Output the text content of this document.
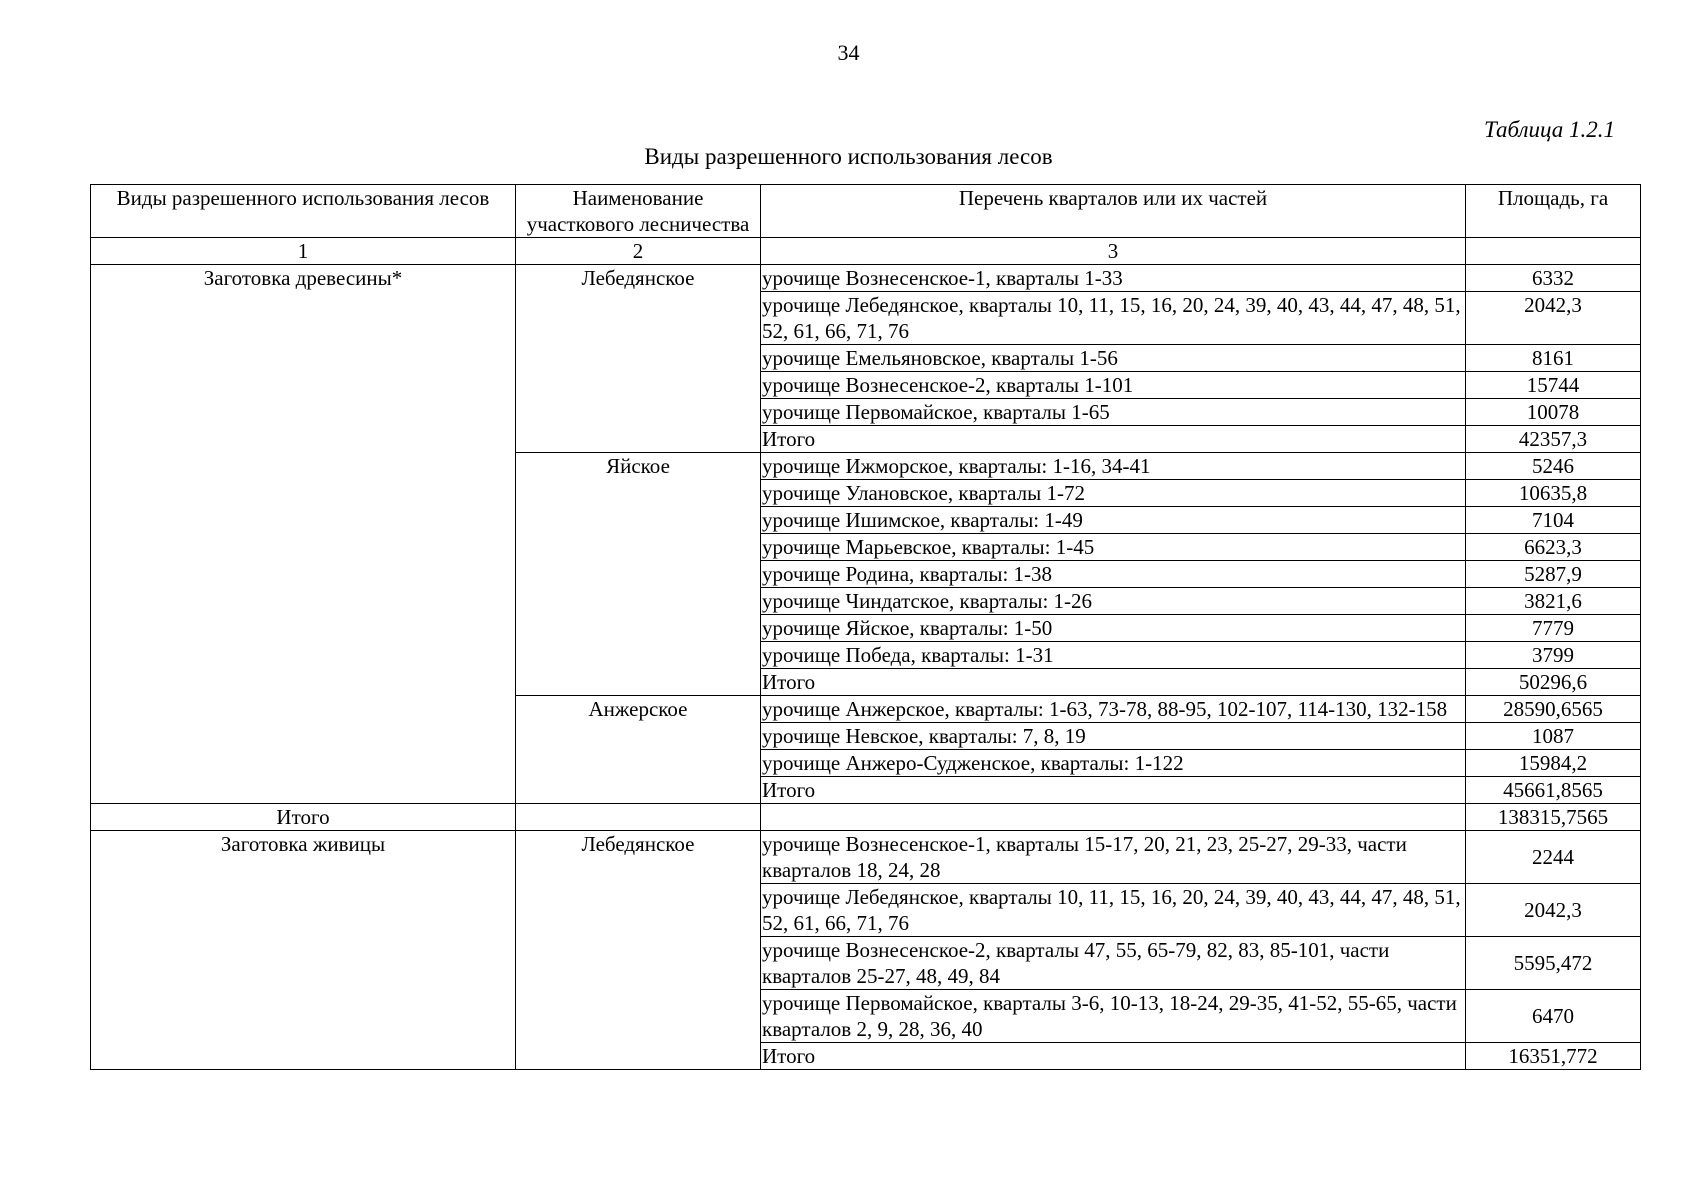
34
Таблица 1.2.1
Виды разрешенного использования лесов
Виды разрешенного использования лесов	Наименование участкового лесничества	Перечень кварталов или их частей	Площадь, га
1	2	3	
Заготовка древесины*	Лебедянское	урочище Вознесенское-1, кварталы 1-33	6332
		урочище Лебедянское, кварталы 10, 11, 15, 16, 20, 24, 39, 40, 43, 44, 47, 48, 51, 52, 61, 66, 71, 76	2042,3
		урочище Емельяновское, кварталы 1-56	8161
		урочище Вознесенское-2, кварталы 1-101	15744
		урочище Первомайское, кварталы 1-65	10078
		Итого	42357,3
	Яйское	урочище Ижморское, кварталы: 1-16, 34-41	5246
		урочище Улановское, кварталы 1-72	10635,8
		урочище Ишимское, кварталы: 1-49	7104
		урочище Марьевское, кварталы: 1-45	6623,3
		урочище Родина, кварталы: 1-38	5287,9
		урочище Чиндатское, кварталы: 1-26	3821,6
		урочище Яйское, кварталы: 1-50	7779
		урочище Победа, кварталы: 1-31	3799
		Итого	50296,6
	Анжерское	урочище Анжерское, кварталы: 1-63, 73-78, 88-95, 102-107, 114-130, 132-158	28590,6565
		урочище Невское, кварталы: 7, 8, 19	1087
		урочище Анжеро-Судженское, кварталы: 1-122	15984,2
		Итого	45661,8565
Итого			138315,7565
Заготовка живицы	Лебедянское	урочище Вознесенское-1, кварталы 15-17, 20, 21, 23, 25-27, 29-33, части кварталов 18, 24, 28	2244
		урочище Лебедянское, кварталы 10, 11, 15, 16, 20, 24, 39, 40, 43, 44, 47, 48, 51, 52, 61, 66, 71, 76	2042,3
		урочище Вознесенское-2, кварталы 47, 55, 65-79, 82, 83, 85-101, части кварталов 25-27, 48, 49, 84	5595,472
		урочище Первомайское, кварталы 3-6, 10-13, 18-24, 29-35, 41-52, 55-65, части кварталов 2, 9, 28, 36, 40	6470
		Итого	16351,772
